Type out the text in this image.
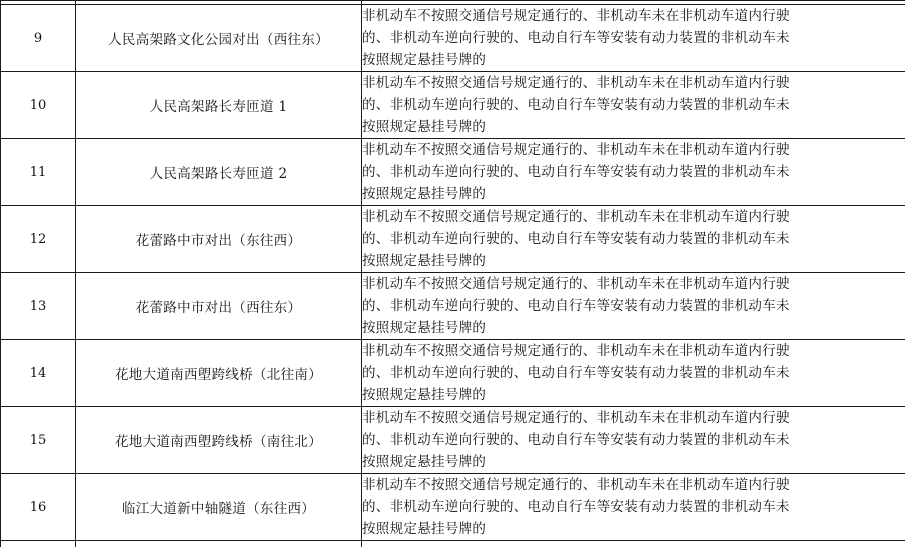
9	人民高架路文化公园对出（西往东）	非机动车不按照交通信号规定通行的、非机动车未在非机动车道内行驶
的、非机动车逆向行驶的、电动自行车等安装有动力装置的非机动车未
按照规定悬挂号牌的

10	人民高架路长寿匝道 1	非机动车不按照交通信号规定通行的、非机动车未在非机动车道内行驶
的、非机动车逆向行驶的、电动自行车等安装有动力装置的非机动车未
按照规定悬挂号牌的

11	人民高架路长寿匝道 2	非机动车不按照交通信号规定通行的、非机动车未在非机动车道内行驶
的、非机动车逆向行驶的、电动自行车等安装有动力装置的非机动车未
按照规定悬挂号牌的

12	花蕾路中市对出（东往西）	非机动车不按照交通信号规定通行的、非机动车未在非机动车道内行驶
的、非机动车逆向行驶的、电动自行车等安装有动力装置的非机动车未
按照规定悬挂号牌的

13	花蕾路中市对出（西往东）	非机动车不按照交通信号规定通行的、非机动车未在非机动车道内行驶
的、非机动车逆向行驶的、电动自行车等安装有动力装置的非机动车未
按照规定悬挂号牌的

14	花地大道南西塱跨线桥（北往南）	非机动车不按照交通信号规定通行的、非机动车未在非机动车道内行驶
的、非机动车逆向行驶的、电动自行车等安装有动力装置的非机动车未
按照规定悬挂号牌的

15	花地大道南西塱跨线桥（南往北）	非机动车不按照交通信号规定通行的、非机动车未在非机动车道内行驶
的、非机动车逆向行驶的、电动自行车等安装有动力装置的非机动车未
按照规定悬挂号牌的

16	临江大道新中轴隧道（东往西）	非机动车不按照交通信号规定通行的、非机动车未在非机动车道内行驶
的、非机动车逆向行驶的、电动自行车等安装有动力装置的非机动车未
按照规定悬挂号牌的
